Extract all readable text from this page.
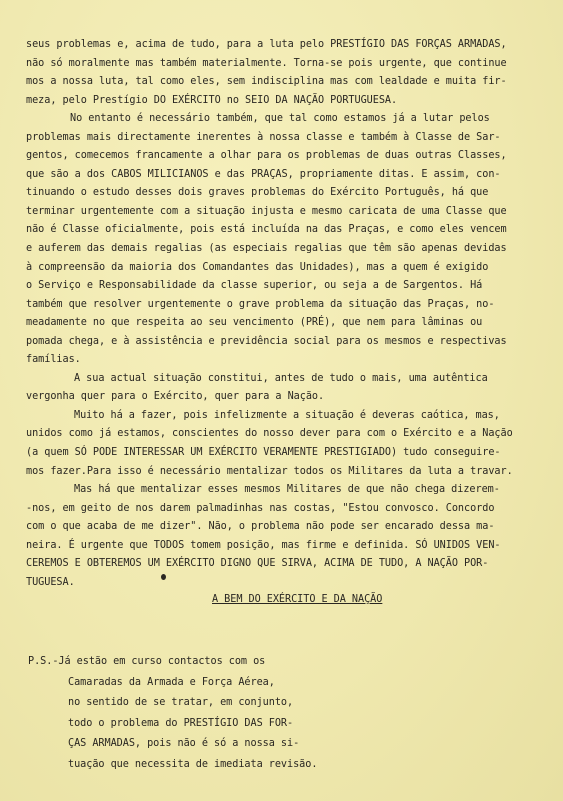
seus problemas e, acima de tudo, para a luta pelo PRESTÍGIO DAS FORÇAS ARMADAS,
não só moralmente mas também materialmente. Torna-se pois urgente, que continue
mos a nossa luta, tal como eles, sem indisciplina mas com lealdade e muita fir-
meza, pelo Prestígio DO EXÉRCITO no SEIO DA NAÇÃO PORTUGUESA.
No entanto é necessário também, que tal como estamos já a lutar pelos
problemas mais directamente inerentes à nossa classe e também à Classe de Sar-
gentos, comecemos francamente a olhar para os problemas de duas outras Classes,
que são a dos CABOS MILICIANOS e das PRAÇAS, propriamente ditas. E assim, con-
tinuando o estudo desses dois graves problemas do Exército Português, há que
terminar urgentemente com a situação injusta e mesmo caricata de uma Classe que
não é Classe oficialmente, pois está incluída na das Praças, e como eles vencem
e auferem das demais regalias (as especiais regalias que têm são apenas devidas
à compreensão da maioria dos Comandantes das Unidades), mas a quem é exigido
o Serviço e Responsabilidade da classe superior, ou seja a de Sargentos. Há
também que resolver urgentemente o grave problema da situação das Praças, no-
meadamente no que respeita ao seu vencimento (PRÉ), que nem para lâminas ou
pomada chega, e à assistência e previdência social para os mesmos e respectivas
famílias.
A sua actual situação constitui, antes de tudo o mais, uma autêntica
vergonha quer para o Exército, quer para a Nação.
Muito há a fazer, pois infelizmente a situação é deveras caótica, mas,
unidos como já estamos, conscientes do nosso dever para com o Exército e a Nação
(a quem SÓ PODE INTERESSAR UM EXÉRCITO VERAMENTE PRESTIGIADO) tudo conseguire-
mos fazer.Para isso é necessário mentalizar todos os Militares da luta a travar.
Mas há que mentalizar esses mesmos Militares de que não chega dizerem-
-nos, em geito de nos darem palmadinhas nas costas, "Estou convosco. Concordo
com o que acaba de me dizer". Não, o problema não pode ser encarado dessa ma-
neira. É urgente que TODOS tomem posição, mas firme e definida. SÓ UNIDOS VEN-
CEREMOS E OBTEREMOS UM EXÉRCITO DIGNO QUE SIRVA, ACIMA DE TUDO, A NAÇÃO POR-
TUGUESA.
A BEM DO EXÉRCITO E DA NAÇÃO
P.S.-Já estão em curso contactos com os
Camaradas da Armada e Força Aérea,
no sentido de se tratar, em conjunto,
todo o problema do PRESTÍGIO DAS FOR-
ÇAS ARMADAS, pois não é só a nossa si-
tuação que necessita de imediata revisão.
